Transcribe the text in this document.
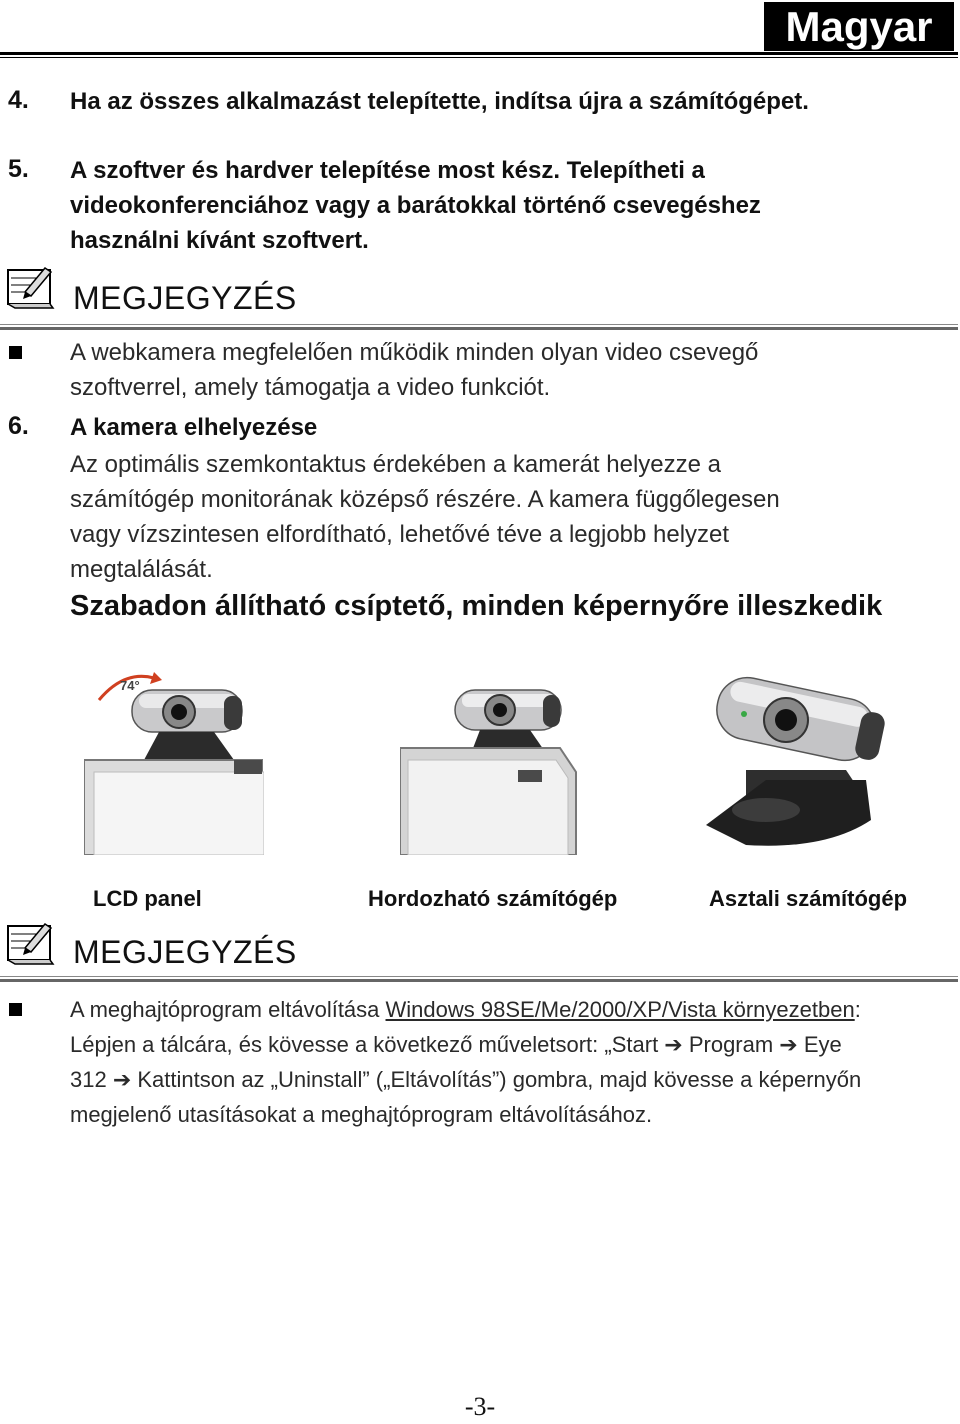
Magyar
4. Ha az összes alkalmazást telepítette, indítsa újra a számítógépet.
5. A szoftver és hardver telepítése most kész. Telepítheti a
videokonferenciához vagy a barátokkal történő csevegéshez
használni kívánt szoftvert.
MEGJEGYZÉS
A webkamera megfelelően működik minden olyan video csevegő
szoftverrel, amely támogatja a video funkciót.
6. A kamera elhelyezése
Az optimális szemkontaktus érdekében a kamerát helyezze a
számítógép monitorának középső részére. A kamera függőlegesen
vagy vízszintesen elfordítható, lehetővé téve a legjobb helyzet
megtalálását.
Szabadon állítható csíptető, minden képernyőre illeszkedik
74°
LCD panel	Hordozható számítógép	Asztali számítógép
MEGJEGYZÉS
A meghajtóprogram eltávolítása Windows 98SE/Me/2000/XP/Vista környezetben:
Lépjen a tálcára, és kövesse a következő műveletsort: „Start ➔ Program ➔ Eye
312 ➔ Kattintson az „Uninstall” („Eltávolítás”) gombra, majd kövesse a képernyőn
megjelenő utasításokat a meghajtóprogram eltávolításához.
-3-
